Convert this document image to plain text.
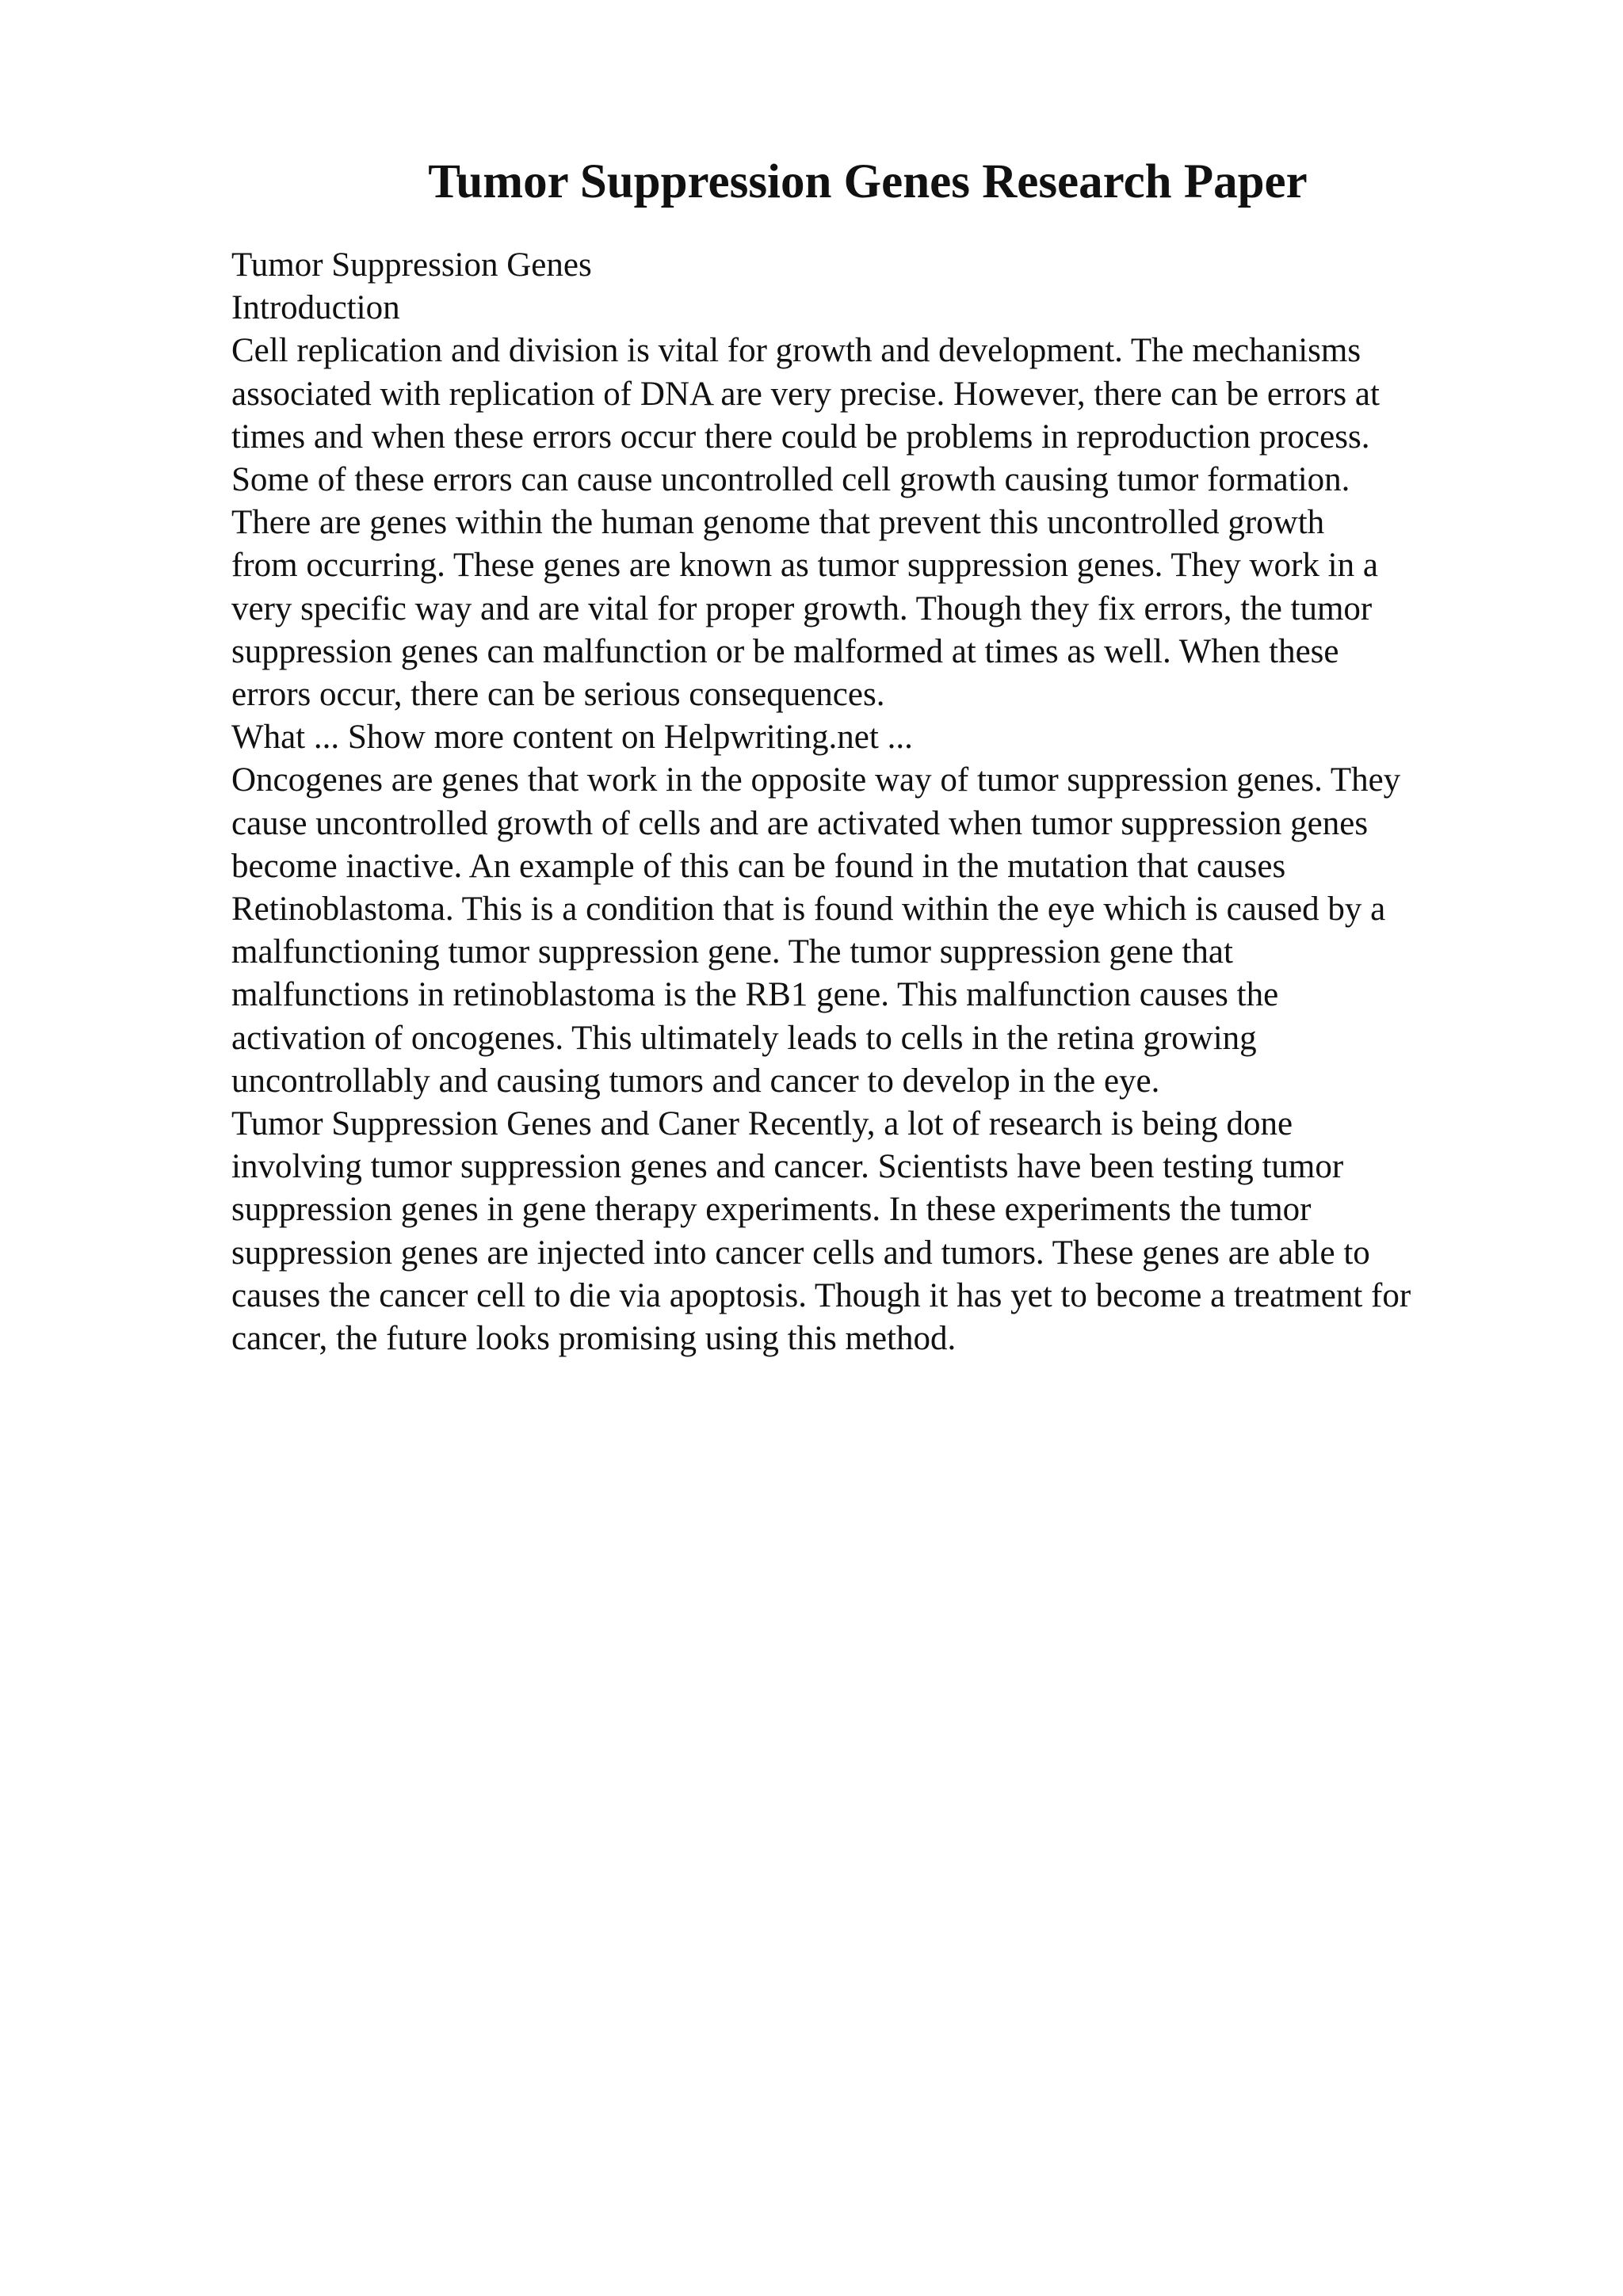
Tumor Suppression Genes Research Paper
Tumor Suppression Genes
Introduction
Cell replication and division is vital for growth and development. The mechanisms
associated with replication of DNA are very precise. However, there can be errors at
times and when these errors occur there could be problems in reproduction process.
Some of these errors can cause uncontrolled cell growth causing tumor formation.
There are genes within the human genome that prevent this uncontrolled growth
from occurring. These genes are known as tumor suppression genes. They work in a
very specific way and are vital for proper growth. Though they fix errors, the tumor
suppression genes can malfunction or be malformed at times as well. When these
errors occur, there can be serious consequences.
What ... Show more content on Helpwriting.net ...
Oncogenes are genes that work in the opposite way of tumor suppression genes. They
cause uncontrolled growth of cells and are activated when tumor suppression genes
become inactive. An example of this can be found in the mutation that causes
Retinoblastoma. This is a condition that is found within the eye which is caused by a
malfunctioning tumor suppression gene. The tumor suppression gene that
malfunctions in retinoblastoma is the RB1 gene. This malfunction causes the
activation of oncogenes. This ultimately leads to cells in the retina growing
uncontrollably and causing tumors and cancer to develop in the eye.
Tumor Suppression Genes and Caner Recently, a lot of research is being done
involving tumor suppression genes and cancer. Scientists have been testing tumor
suppression genes in gene therapy experiments. In these experiments the tumor
suppression genes are injected into cancer cells and tumors. These genes are able to
causes the cancer cell to die via apoptosis. Though it has yet to become a treatment for
cancer, the future looks promising using this method.
